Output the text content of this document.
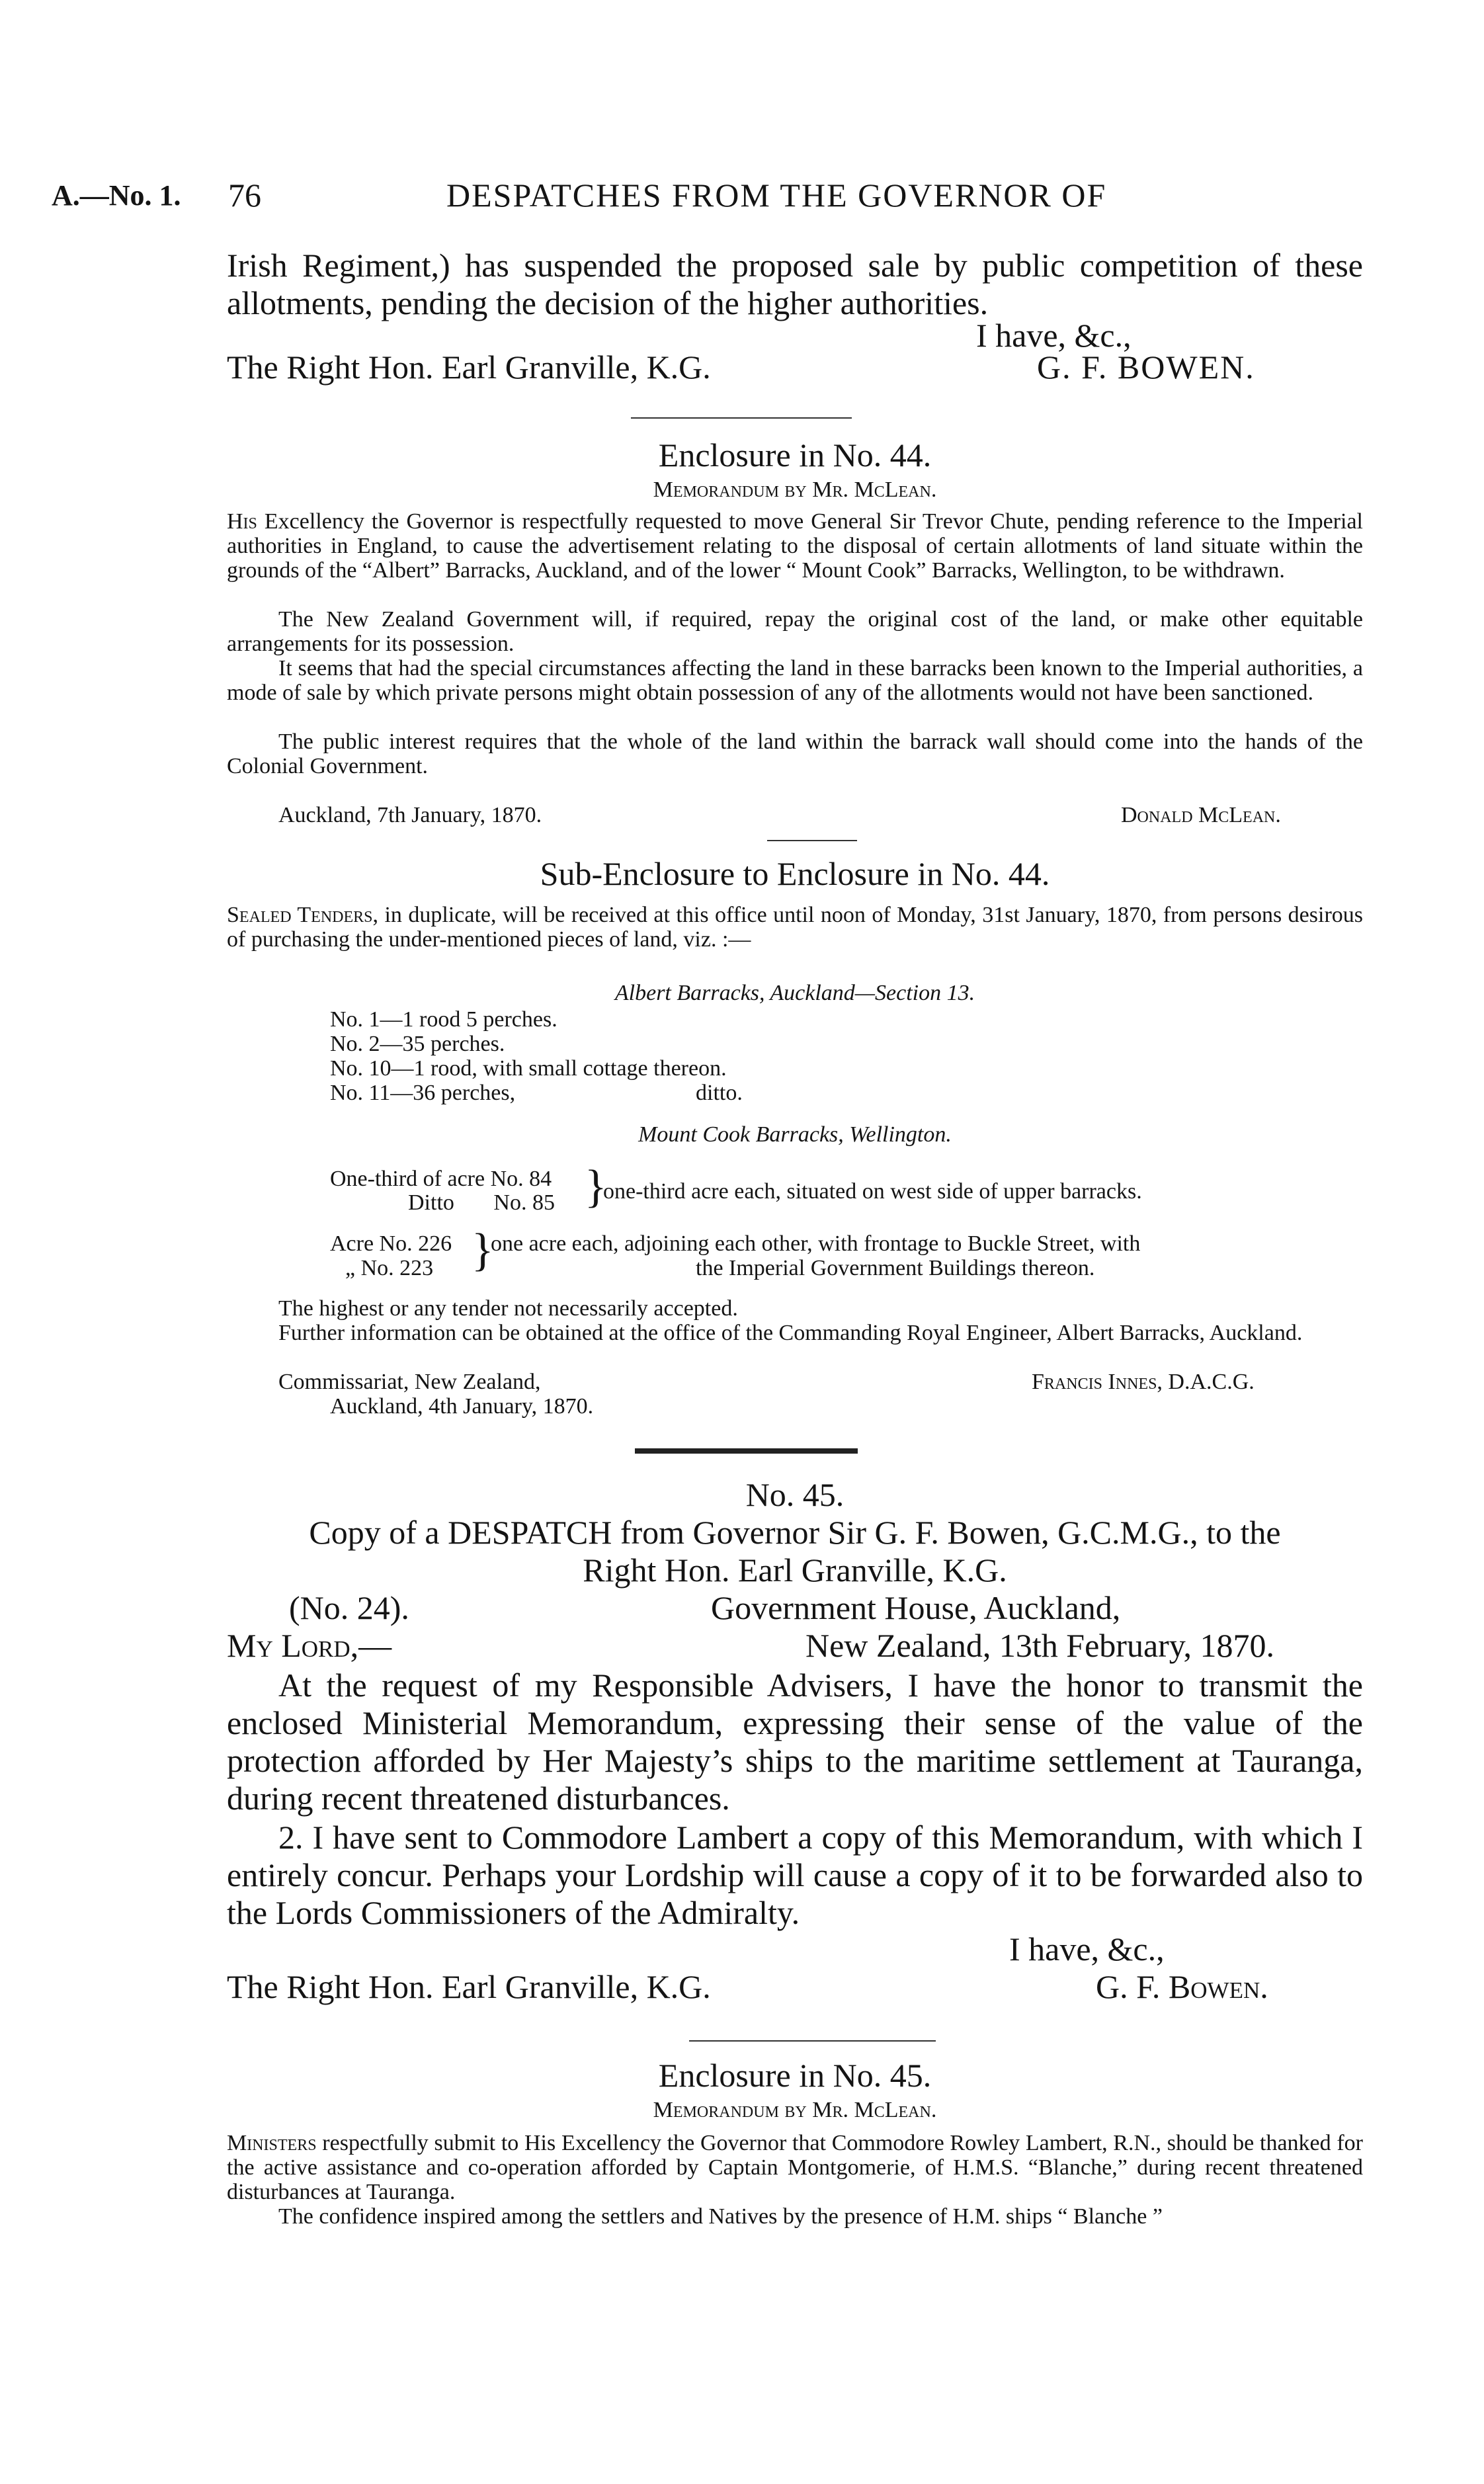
A.—No. 1. 76	DESPATCHES FROM THE GOVERNOR OF
Irish Regiment,) has suspended the proposed sale by public competition of these allotments, pending the decision of the higher authorities.
I have, &c.,
The Right Hon. Earl Granville, K.G.	G. F. BOWEN.
Enclosure in No. 44.
Memorandum by Mr. McLean.
His Excellency the Governor is respectfully requested to move General Sir Trevor Chute, pending reference to the Imperial authorities in England, to cause the advertisement relating to the disposal of certain allotments of land situate within the grounds of the “Albert” Barracks, Auckland, and of the lower “ Mount Cook” Barracks, Wellington, to be withdrawn.
The New Zealand Government will, if required, repay the original cost of the land, or make other equitable arrangements for its possession.
It seems that had the special circumstances affecting the land in these barracks been known to the Imperial authorities, a mode of sale by which private persons might obtain possession of any of the allotments would not have been sanctioned.
The public interest requires that the whole of the land within the barrack wall should come into the hands of the Colonial Government.
Auckland, 7th January, 1870.	Donald McLean.
Sub-Enclosure to Enclosure in No. 44.
Sealed Tenders, in duplicate, will be received at this office until noon of Monday, 31st January, 1870, from persons desirous of purchasing the under-mentioned pieces of land, viz. :—
Albert Barracks, Auckland—Section 13.
No. 1—1 rood 5 perches.
No. 2—35 perches.
No. 10—1 rood, with small cottage thereon.
No. 11—36 perches,	ditto.
Mount Cook Barracks, Wellington.
One-third of acre No. 84
Ditto       No. 85 }
one-third acre each, situated on west side of upper barracks.
Acre No. 226
„ No. 223 }
one acre each, adjoining each other, with frontage to Buckle Street, with
the Imperial Government Buildings thereon.
The highest or any tender not necessarily accepted.
Further information can be obtained at the office of the Commanding Royal Engineer, Albert Barracks, Auckland.
Commissariat, New Zealand,	Francis Innes, D.A.C.G.
Auckland, 4th January, 1870.
No. 45.
Copy of a DESPATCH from Governor Sir G. F. Bowen, G.C.M.G., to the
Right Hon. Earl Granville, K.G.
(No. 24).	Government House, Auckland,
My Lord,—	New Zealand, 13th February, 1870.
At the request of my Responsible Advisers, I have the honor to transmit the enclosed Ministerial Memorandum, expressing their sense of the value of the protection afforded by Her Majesty’s ships to the maritime settlement at Tauranga, during recent threatened disturbances.
2. I have sent to Commodore Lambert a copy of this Memorandum, with which I entirely concur. Perhaps your Lordship will cause a copy of it to be forwarded also to the Lords Commissioners of the Admiralty.
I have, &c.,
The Right Hon. Earl Granville, K.G.	G. F. Bowen.
Enclosure in No. 45.
Memorandum by Mr. McLean.
Ministers respectfully submit to His Excellency the Governor that Commodore Rowley Lambert, R.N., should be thanked for the active assistance and co-operation afforded by Captain Montgomerie, of H.M.S. “Blanche,” during recent threatened disturbances at Tauranga.
The confidence inspired among the settlers and Natives by the presence of H.M. ships “ Blanche ”
